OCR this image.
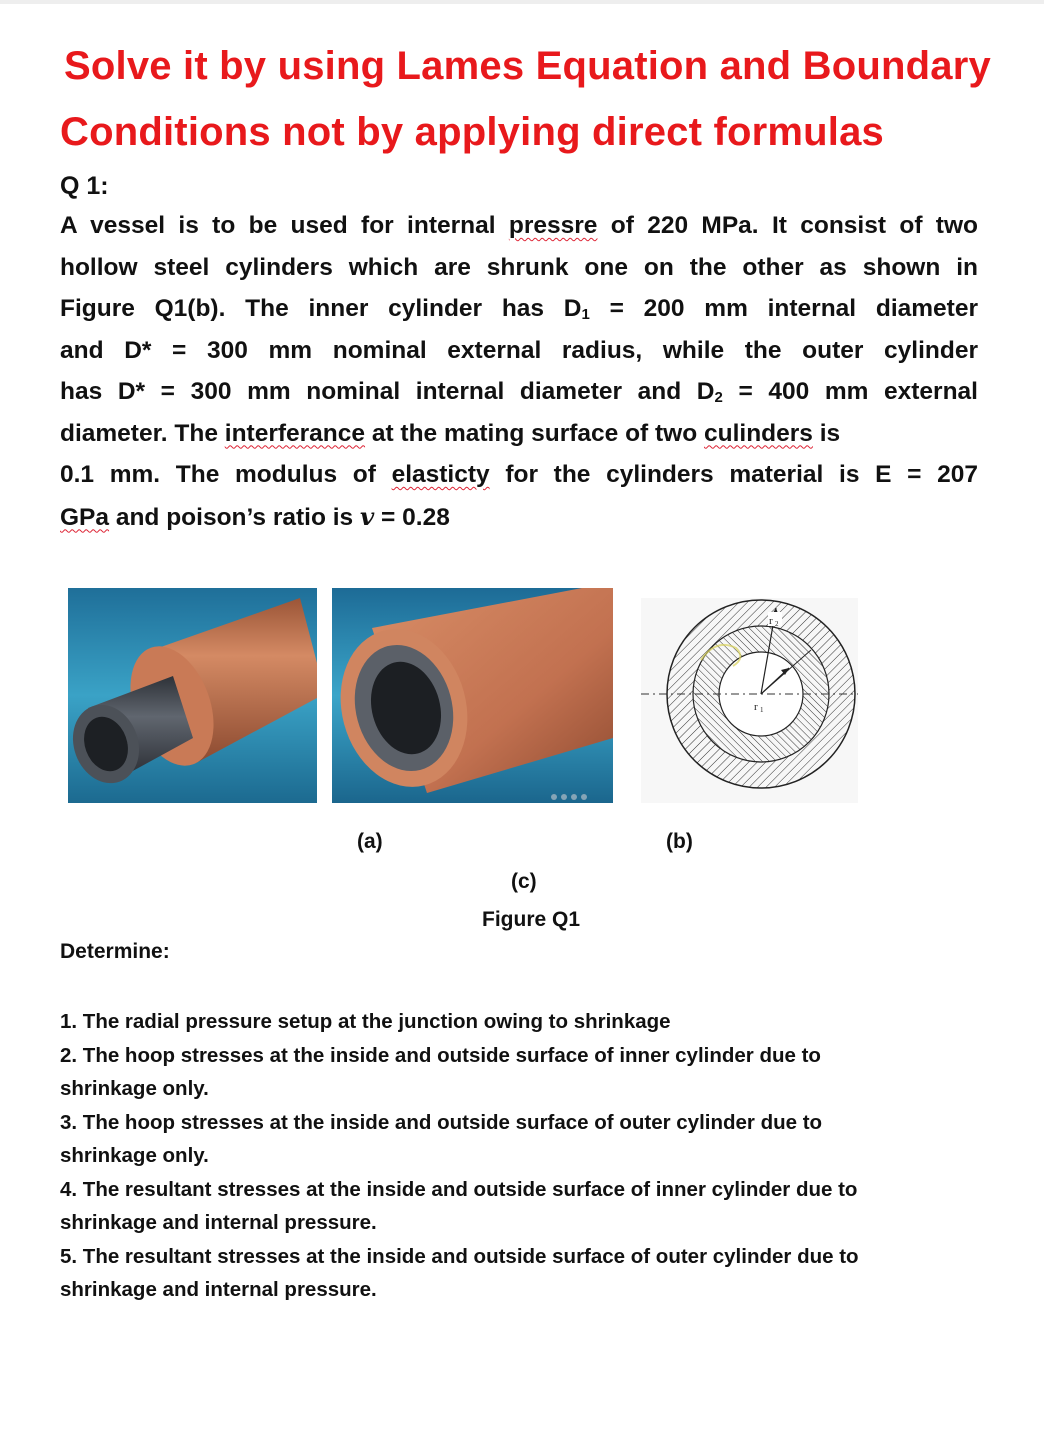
Solve it by using Lames Equation and Boundary
Conditions not by applying direct formulas
Q 1:
A vessel is to be used for internal pressre of 220 MPa. It consist of two
hollow steel cylinders which are shrunk one on the other as shown in
Figure Q1(b). The inner cylinder has $D_1 = 200$ mm internal diameter
and D* = 300 mm nominal external radius, while the outer cylinder
has D* = 300 mm nominal internal diameter and $D_2 = 400$ mm external
diameter. The interferance at the mating surface of two culinders is
0.1 mm. The modulus of elasticty for the cylinders material is E = 207
GPa and poison’s ratio is 𝒗 = 0.28
r 2
r 1
(a)	(b)
(c)
Figure Q1
Determine:
1. The radial pressure setup at the junction owing to shrinkage
2. The hoop stresses at the inside and outside surface of inner cylinder due to
shrinkage only.
3. The hoop stresses at the inside and outside surface of outer cylinder due to
shrinkage only.
4. The resultant stresses at the inside and outside surface of inner cylinder due to
shrinkage and internal pressure.
5. The resultant stresses at the inside and outside surface of outer cylinder due to
shrinkage and internal pressure.
